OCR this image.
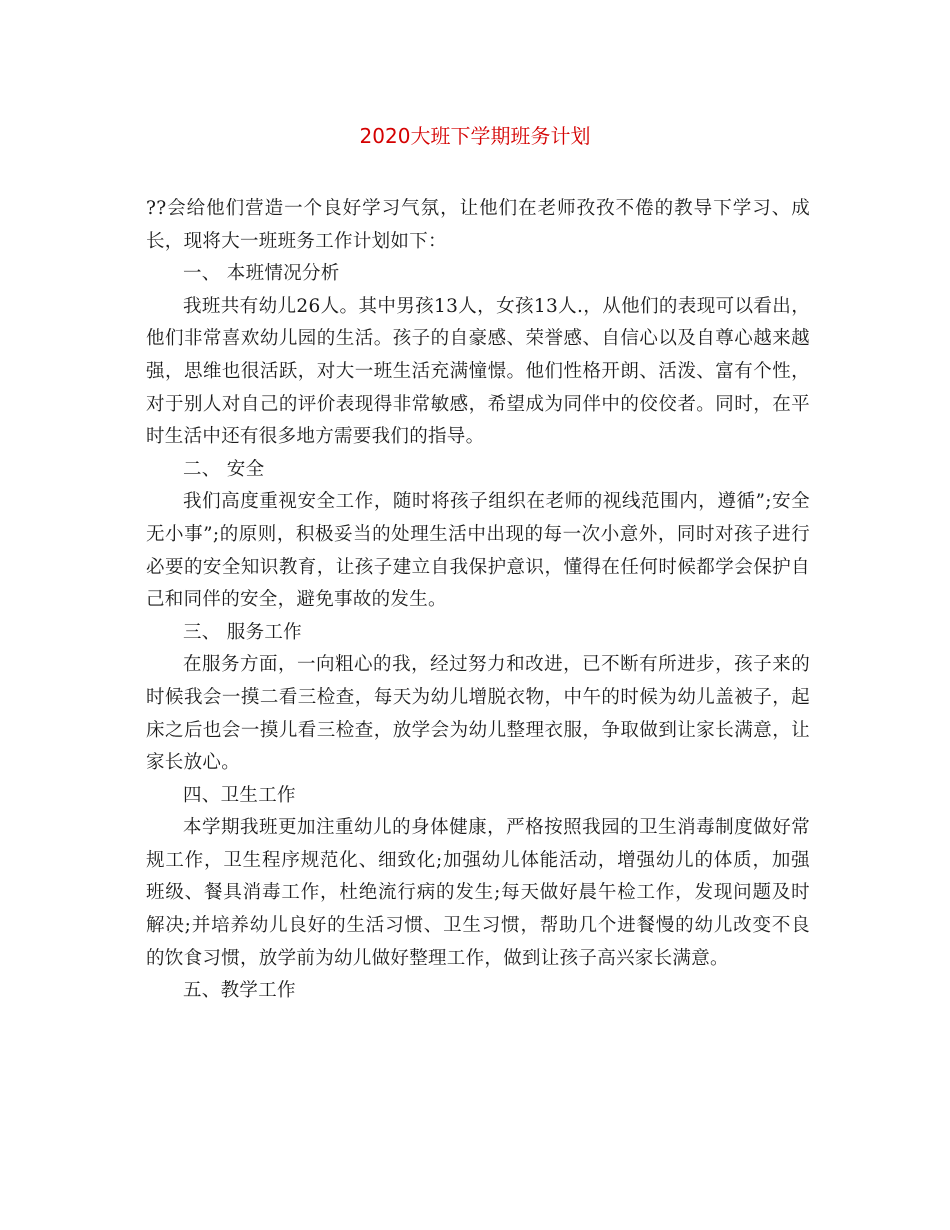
2020大班下学期班务计划

??会给他们营造一个良好学习气氛，让他们在老师孜孜不倦的教导下学习、成长，现将大一班班务工作计划如下：

一、 本班情况分析

我班共有幼儿26人。其中男孩13人，女孩13人.，从他们的表现可以看出，他们非常喜欢幼儿园的生活。孩子的自豪感、荣誉感、自信心以及自尊心越来越强，思维也很活跃，对大一班生活充满憧憬。他们性格开朗、活泼、富有个性，对于别人对自己的评价表现得非常敏感，希望成为同伴中的佼佼者。同时，在平时生活中还有很多地方需要我们的指导。

二、 安全

我们高度重视安全工作，随时将孩子组织在老师的视线范围内，遵循”;安全无小事”;的原则，积极妥当的处理生活中出现的每一次小意外，同时对孩子进行必要的安全知识教育，让孩子建立自我保护意识，懂得在任何时候都学会保护自己和同伴的安全，避免事故的发生。

三、 服务工作

在服务方面，一向粗心的我，经过努力和改进，已不断有所进步，孩子来的时候我会一摸二看三检查，每天为幼儿增脱衣物，中午的时候为幼儿盖被子，起床之后也会一摸儿看三检查，放学会为幼儿整理衣服，争取做到让家长满意，让家长放心。

四、卫生工作

本学期我班更加注重幼儿的身体健康，严格按照我园的卫生消毒制度做好常规工作，卫生程序规范化、细致化;加强幼儿体能活动，增强幼儿的体质，加强班级、餐具消毒工作，杜绝流行病的发生;每天做好晨午检工作，发现问题及时解决;并培养幼儿良好的生活习惯、卫生习惯，帮助几个进餐慢的幼儿改变不良的饮食习惯，放学前为幼儿做好整理工作，做到让孩子高兴家长满意。

五、教学工作
